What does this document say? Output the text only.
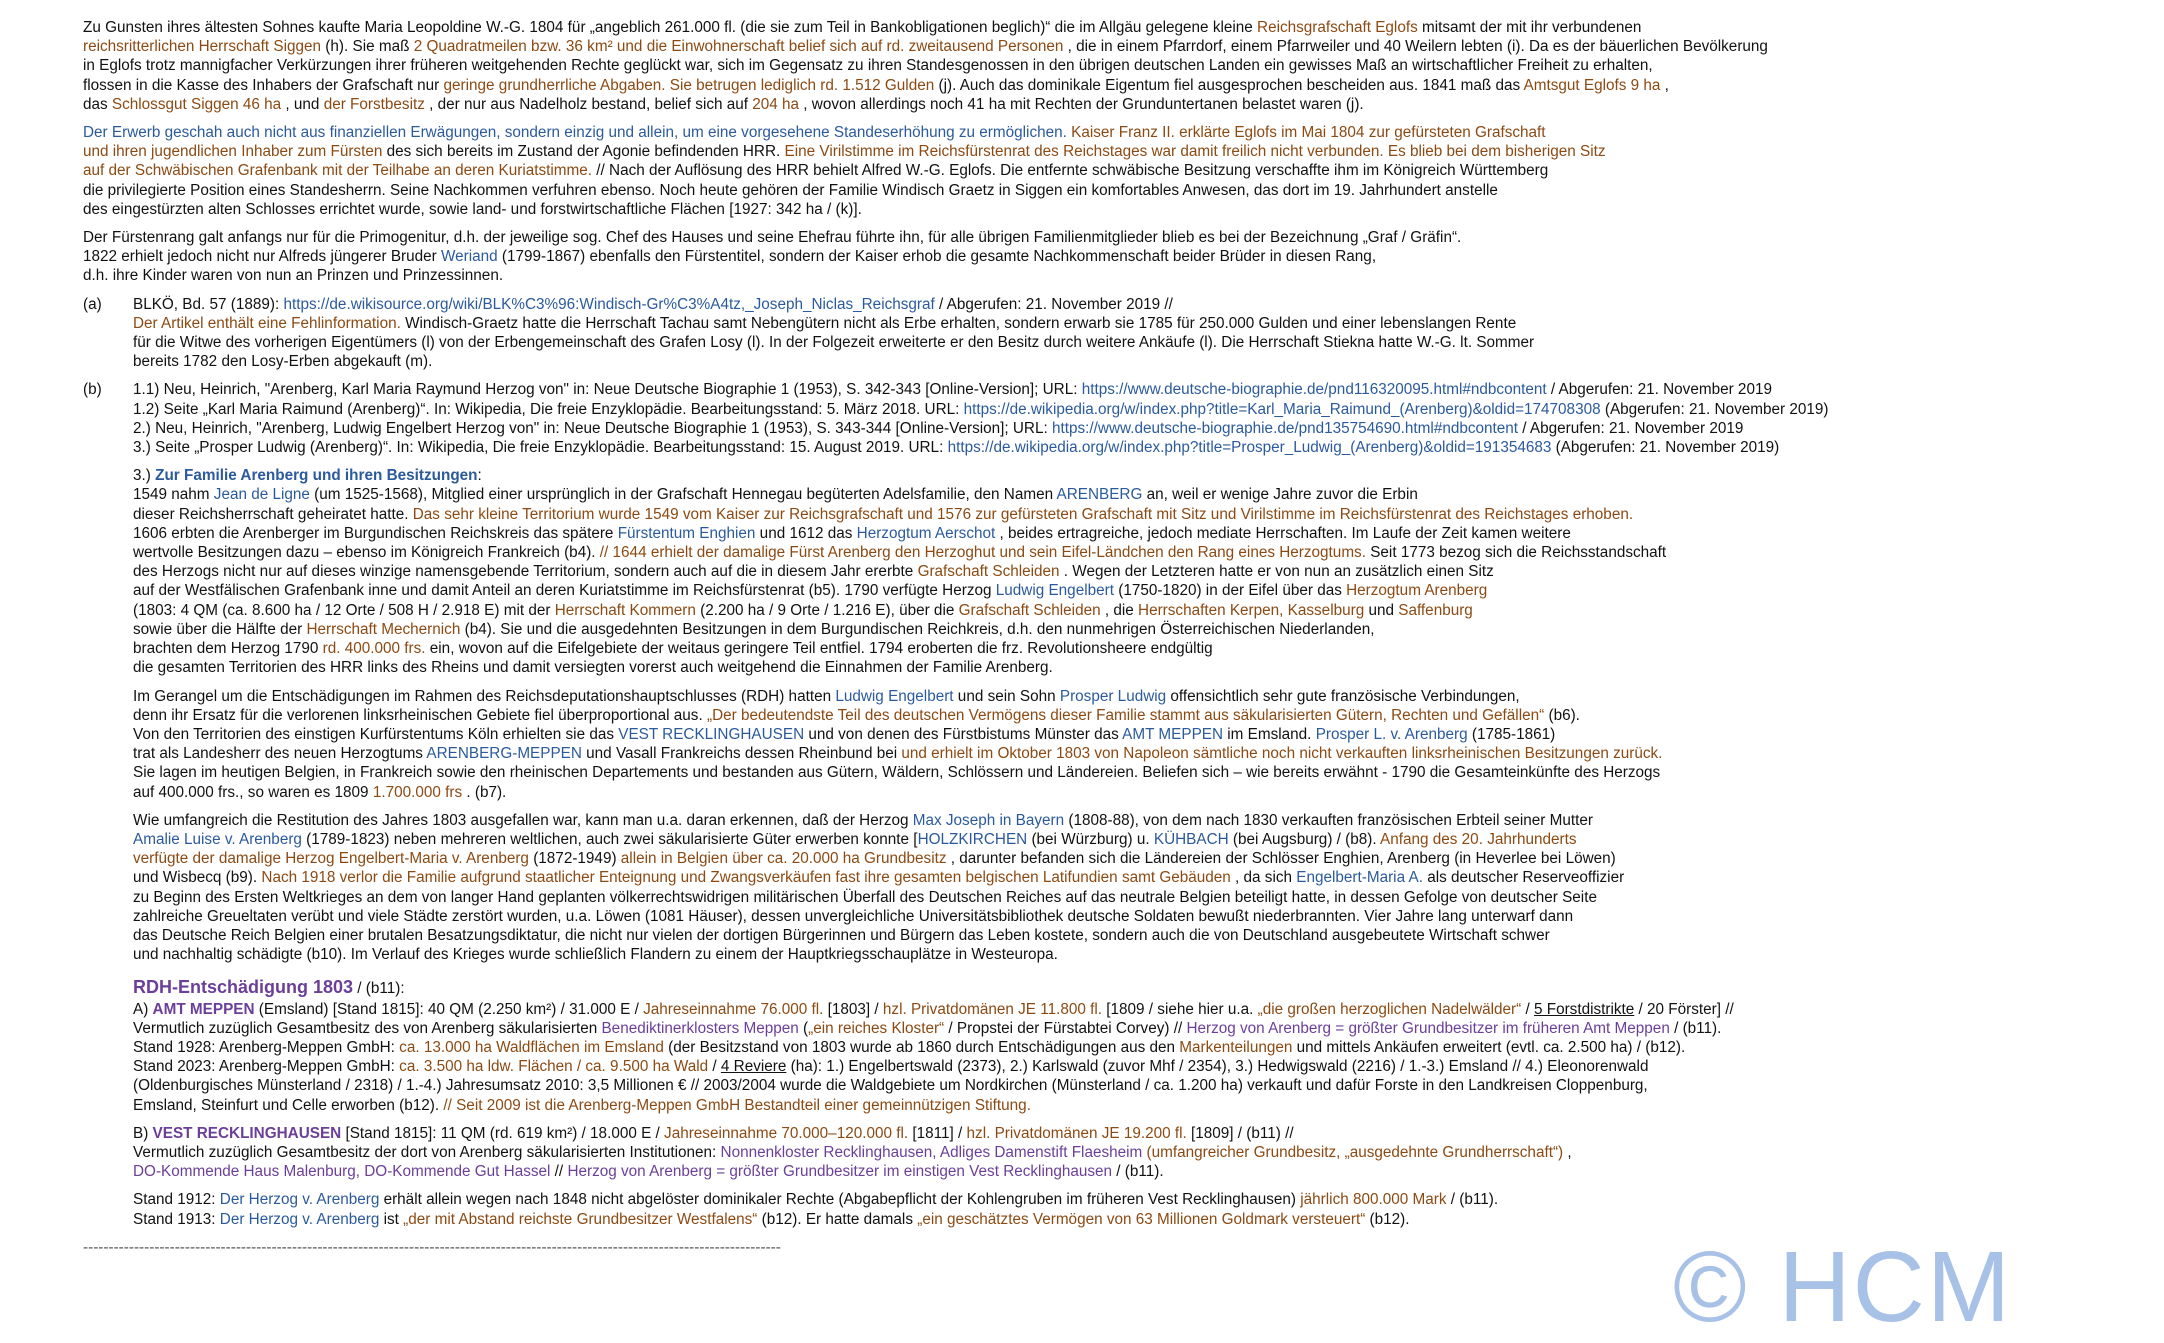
Zu Gunsten ihres ältesten Sohnes kaufte Maria Leopoldine W.-G. 1804 für „angeblich 261.000 fl. (die sie zum Teil in Bankobligationen beglich)“ die im Allgäu gelegene kleine Reichsgrafschaft Eglofs mitsamt der mit ihr verbundenen
reichsritterlichen Herrschaft Siggen (h). Sie maß 2 Quadratmeilen bzw. 36 km² und die Einwohnerschaft belief sich auf rd. zweitausend Personen , die in einem Pfarrdorf, einem Pfarrweiler und 40 Weilern lebten (i). Da es der bäuerlichen Bevölkerung
in Eglofs trotz mannigfacher Verkürzungen ihrer früheren weitgehenden Rechte geglückt war, sich im Gegensatz zu ihren Standesgenossen in den übrigen deutschen Landen ein gewisses Maß an wirtschaftlicher Freiheit zu erhalten,
flossen in die Kasse des Inhabers der Grafschaft nur geringe grundherrliche Abgaben. Sie betrugen lediglich rd. 1.512 Gulden (j). Auch das dominikale Eigentum fiel ausgesprochen bescheiden aus. 1841 maß das Amtsgut Eglofs 9 ha ,
das Schlossgut Siggen 46 ha , und der Forstbesitz , der nur aus Nadelholz bestand, belief sich auf 204 ha , wovon allerdings noch 41 ha mit Rechten der Grunduntertanen belastet waren (j).
Der Erwerb geschah auch nicht aus finanziellen Erwägungen, sondern einzig und allein, um eine vorgesehene Standeserhöhung zu ermöglichen. Kaiser Franz II. erklärte Eglofs im Mai 1804 zur gefürsteten Grafschaft
und ihren jugendlichen Inhaber zum Fürsten des sich bereits im Zustand der Agonie befindenden HRR. Eine Virilstimme im Reichsfürstenrat des Reichstages war damit freilich nicht verbunden. Es blieb bei dem bisherigen Sitz
auf der Schwäbischen Grafenbank mit der Teilhabe an deren Kuriatstimme. // Nach der Auflösung des HRR behielt Alfred W.-G. Eglofs. Die entfernte schwäbische Besitzung verschaffte ihm im Königreich Württemberg
die privilegierte Position eines Standesherrn. Seine Nachkommen verfuhren ebenso. Noch heute gehören der Familie Windisch Graetz in Siggen ein komfortables Anwesen, das dort im 19. Jahrhundert anstelle
des eingestürzten alten Schlosses errichtet wurde, sowie land- und forstwirtschaftliche Flächen [1927: 342 ha / (k)].
Der Fürstenrang galt anfangs nur für die Primogenitur, d.h. der jeweilige sog. Chef des Hauses und seine Ehefrau führte ihn, für alle übrigen Familienmitglieder blieb es bei der Bezeichnung „Graf / Gräfin“.
1822 erhielt jedoch nicht nur Alfreds jüngerer Bruder Weriand (1799-1867) ebenfalls den Fürstentitel, sondern der Kaiser erhob die gesamte Nachkommenschaft beider Brüder in diesen Rang,
d.h. ihre Kinder waren von nun an Prinzen und Prinzessinnen.
(a)	BLKÖ, Bd. 57 (1889): https://de.wikisource.org/wiki/BLK%C3%96:Windisch-Gr%C3%A4tz,_Joseph_Niclas_Reichsgraf / Abgerufen: 21. November 2019 //
Der Artikel enthält eine Fehlinformation. Windisch-Graetz hatte die Herrschaft Tachau samt Nebengütern nicht als Erbe erhalten, sondern erwarb sie 1785 für 250.000 Gulden und einer lebenslangen Rente
für die Witwe des vorherigen Eigentümers (l) von der Erbengemeinschaft des Grafen Losy (l). In der Folgezeit erweiterte er den Besitz durch weitere Ankäufe (l). Die Herrschaft Stiekna hatte W.-G. lt. Sommer
bereits 1782 den Losy-Erben abgekauft (m).
(b)	1.1) Neu, Heinrich, "Arenberg, Karl Maria Raymund Herzog von" in: Neue Deutsche Biographie 1 (1953), S. 342-343 [Online-Version]; URL: https://www.deutsche-biographie.de/pnd116320095.html#ndbcontent / Abgerufen: 21. November 2019
1.2) Seite „Karl Maria Raimund (Arenberg)“. In: Wikipedia, Die freie Enzyklopädie. Bearbeitungsstand: 5. März 2018. URL: https://de.wikipedia.org/w/index.php?title=Karl_Maria_Raimund_(Arenberg)&oldid=174708308 (Abgerufen: 21. November 2019)
2.) Neu, Heinrich, "Arenberg, Ludwig Engelbert Herzog von" in: Neue Deutsche Biographie 1 (1953), S. 343-344 [Online-Version]; URL: https://www.deutsche-biographie.de/pnd135754690.html#ndbcontent / Abgerufen: 21. November 2019
3.) Seite „Prosper Ludwig (Arenberg)“. In: Wikipedia, Die freie Enzyklopädie. Bearbeitungsstand: 15. August 2019. URL: https://de.wikipedia.org/w/index.php?title=Prosper_Ludwig_(Arenberg)&oldid=191354683 (Abgerufen: 21. November 2019)
3.) Zur Familie Arenberg und ihren Besitzungen:
1549 nahm Jean de Ligne (um 1525-1568), Mitglied einer ursprünglich in der Grafschaft Hennegau begüterten Adelsfamilie, den Namen ARENBERG an, weil er wenige Jahre zuvor die Erbin
dieser Reichsherrschaft geheiratet hatte. Das sehr kleine Territorium wurde 1549 vom Kaiser zur Reichsgrafschaft und 1576 zur gefürsteten Grafschaft mit Sitz und Virilstimme im Reichsfürstenrat des Reichstages erhoben.
1606 erbten die Arenberger im Burgundischen Reichskreis das spätere Fürstentum Enghien und 1612 das Herzogtum Aerschot , beides ertragreiche, jedoch mediate Herrschaften. Im Laufe der Zeit kamen weitere
wertvolle Besitzungen dazu – ebenso im Königreich Frankreich (b4). // 1644 erhielt der damalige Fürst Arenberg den Herzoghut und sein Eifel-Ländchen den Rang eines Herzogtums. Seit 1773 bezog sich die Reichsstandschaft
des Herzogs nicht nur auf dieses winzige namensgebende Territorium, sondern auch auf die in diesem Jahr ererbte Grafschaft Schleiden . Wegen der Letzteren hatte er von nun an zusätzlich einen Sitz
auf der Westfälischen Grafenbank inne und damit Anteil an deren Kuriatstimme im Reichsfürstenrat (b5). 1790 verfügte Herzog Ludwig Engelbert (1750-1820) in der Eifel über das Herzogtum Arenberg
(1803: 4 QM (ca. 8.600 ha / 12 Orte / 508 H / 2.918 E) mit der Herrschaft Kommern (2.200 ha / 9 Orte / 1.216 E), über die Grafschaft Schleiden , die Herrschaften Kerpen, Kasselburg und Saffenburg
sowie über die Hälfte der Herrschaft Mechernich (b4). Sie und die ausgedehnten Besitzungen in dem Burgundischen Reichkreis, d.h. den nunmehrigen Österreichischen Niederlanden,
brachten dem Herzog 1790 rd. 400.000 frs. ein, wovon auf die Eifelgebiete der weitaus geringere Teil entfiel. 1794 eroberten die frz. Revolutionsheere endgültig
die gesamten Territorien des HRR links des Rheins und damit versiegten vorerst auch weitgehend die Einnahmen der Familie Arenberg.
Im Gerangel um die Entschädigungen im Rahmen des Reichsdeputationshauptschlusses (RDH) hatten Ludwig Engelbert und sein Sohn Prosper Ludwig offensichtlich sehr gute französische Verbindungen,
denn ihr Ersatz für die verlorenen linksrheinischen Gebiete fiel überproportional aus. „Der bedeutendste Teil des deutschen Vermögens dieser Familie stammt aus säkularisierten Gütern, Rechten und Gefällen“ (b6).
Von den Territorien des einstigen Kurfürstentums Köln erhielten sie das VEST RECKLINGHAUSEN und von denen des Fürstbistums Münster das AMT MEPPEN im Emsland. Prosper L. v. Arenberg (1785-1861)
trat als Landesherr des neuen Herzogtums ARENBERG-MEPPEN und Vasall Frankreichs dessen Rheinbund bei und erhielt im Oktober 1803 von Napoleon sämtliche noch nicht verkauften linksrheinischen Besitzungen zurück.
Sie lagen im heutigen Belgien, in Frankreich sowie den rheinischen Departements und bestanden aus Gütern, Wäldern, Schlössern und Ländereien. Beliefen sich – wie bereits erwähnt - 1790 die Gesamteinkünfte des Herzogs
auf 400.000 frs., so waren es 1809 1.700.000 frs . (b7).
Wie umfangreich die Restitution des Jahres 1803 ausgefallen war, kann man u.a. daran erkennen, daß der Herzog Max Joseph in Bayern (1808-88), von dem nach 1830 verkauften französischen Erbteil seiner Mutter
Amalie Luise v. Arenberg (1789-1823) neben mehreren weltlichen, auch zwei säkularisierte Güter erwerben konnte [HOLZKIRCHEN (bei Würzburg) u. KÜHBACH (bei Augsburg) / (b8). Anfang des 20. Jahrhunderts
verfügte der damalige Herzog Engelbert-Maria v. Arenberg (1872-1949) allein in Belgien über ca. 20.000 ha Grundbesitz , darunter befanden sich die Ländereien der Schlösser Enghien, Arenberg (in Heverlee bei Löwen)
und Wisbecq (b9). Nach 1918 verlor die Familie aufgrund staatlicher Enteignung und Zwangsverkäufen fast ihre gesamten belgischen Latifundien samt Gebäuden , da sich Engelbert-Maria A. als deutscher Reserveoffizier
zu Beginn des Ersten Weltkrieges an dem von langer Hand geplanten völkerrechtswidrigen militärischen Überfall des Deutschen Reiches auf das neutrale Belgien beteiligt hatte, in dessen Gefolge von deutscher Seite
zahlreiche Greueltaten verübt und viele Städte zerstört wurden, u.a. Löwen (1081 Häuser), dessen unvergleichliche Universitätsbibliothek deutsche Soldaten bewußt niederbrannten. Vier Jahre lang unterwarf dann
das Deutsche Reich Belgien einer brutalen Besatzungsdiktatur, die nicht nur vielen der dortigen Bürgerinnen und Bürgern das Leben kostete, sondern auch die von Deutschland ausgebeutete Wirtschaft schwer
und nachhaltig schädigte (b10). Im Verlauf des Krieges wurde schließlich Flandern zu einem der Hauptkriegsschauplätze in Westeuropa.
RDH-Entschädigung 1803 / (b11):
A) AMT MEPPEN (Emsland) [Stand 1815]: 40 QM (2.250 km²) / 31.000 E / Jahreseinnahme 76.000 fl. [1803] / hzl. Privatdomänen JE 11.800 fl. [1809 / siehe hier u.a. „die großen herzoglichen Nadelwälder“ / 5 Forstdistrikte / 20 Förster] //
Vermutlich zuzüglich Gesamtbesitz des von Arenberg säkularisierten Benediktinerklosters Meppen („ein reiches Kloster“ / Propstei der Fürstabtei Corvey) // Herzog von Arenberg = größter Grundbesitzer im früheren Amt Meppen / (b11).
Stand 1928: Arenberg-Meppen GmbH: ca. 13.000 ha Waldflächen im Emsland (der Besitzstand von 1803 wurde ab 1860 durch Entschädigungen aus den Markenteilungen und mittels Ankäufen erweitert (evtl. ca. 2.500 ha) / (b12).
Stand 2023: Arenberg-Meppen GmbH: ca. 3.500 ha ldw. Flächen / ca. 9.500 ha Wald / 4 Reviere (ha): 1.) Engelbertswald (2373), 2.) Karlswald (zuvor Mhf / 2354), 3.) Hedwigswald (2216) / 1.-3.) Emsland // 4.) Eleonorenwald
(Oldenburgisches Münsterland / 2318) / 1.-4.) Jahresumsatz 2010: 3,5 Millionen € // 2003/2004 wurde die Waldgebiete um Nordkirchen (Münsterland / ca. 1.200 ha) verkauft und dafür Forste in den Landkreisen Cloppenburg,
Emsland, Steinfurt und Celle erworben (b12). // Seit 2009 ist die Arenberg-Meppen GmbH Bestandteil einer gemeinnützigen Stiftung.
B) VEST RECKLINGHAUSEN [Stand 1815]: 11 QM (rd. 619 km²) / 18.000 E / Jahreseinnahme 70.000–120.000 fl. [1811] / hzl. Privatdomänen JE 19.200 fl. [1809] / (b11) //
Vermutlich zuzüglich Gesamtbesitz der dort von Arenberg säkularisierten Institutionen: Nonnenkloster Recklinghausen, Adliges Damenstift Flaesheim (umfangreicher Grundbesitz, „ausgedehnte Grundherrschaft“) ,
DO-Kommende Haus Malenburg, DO-Kommende Gut Hassel // Herzog von Arenberg = größter Grundbesitzer im einstigen Vest Recklinghausen / (b11).
Stand 1912: Der Herzog v. Arenberg erhält allein wegen nach 1848 nicht abgelöster dominikaler Rechte (Abgabepflicht der Kohlengruben im früheren Vest Recklinghausen) jährlich 800.000 Mark / (b11).
Stand 1913: Der Herzog v. Arenberg ist „der mit Abstand reichste Grundbesitzer Westfalens“ (b12). Er hatte damals „ein geschätztes Vermögen von 63 Millionen Goldmark versteuert“ (b12).
-----------------------------------------------------------------------------------------------------------------------------------------	© HCM
